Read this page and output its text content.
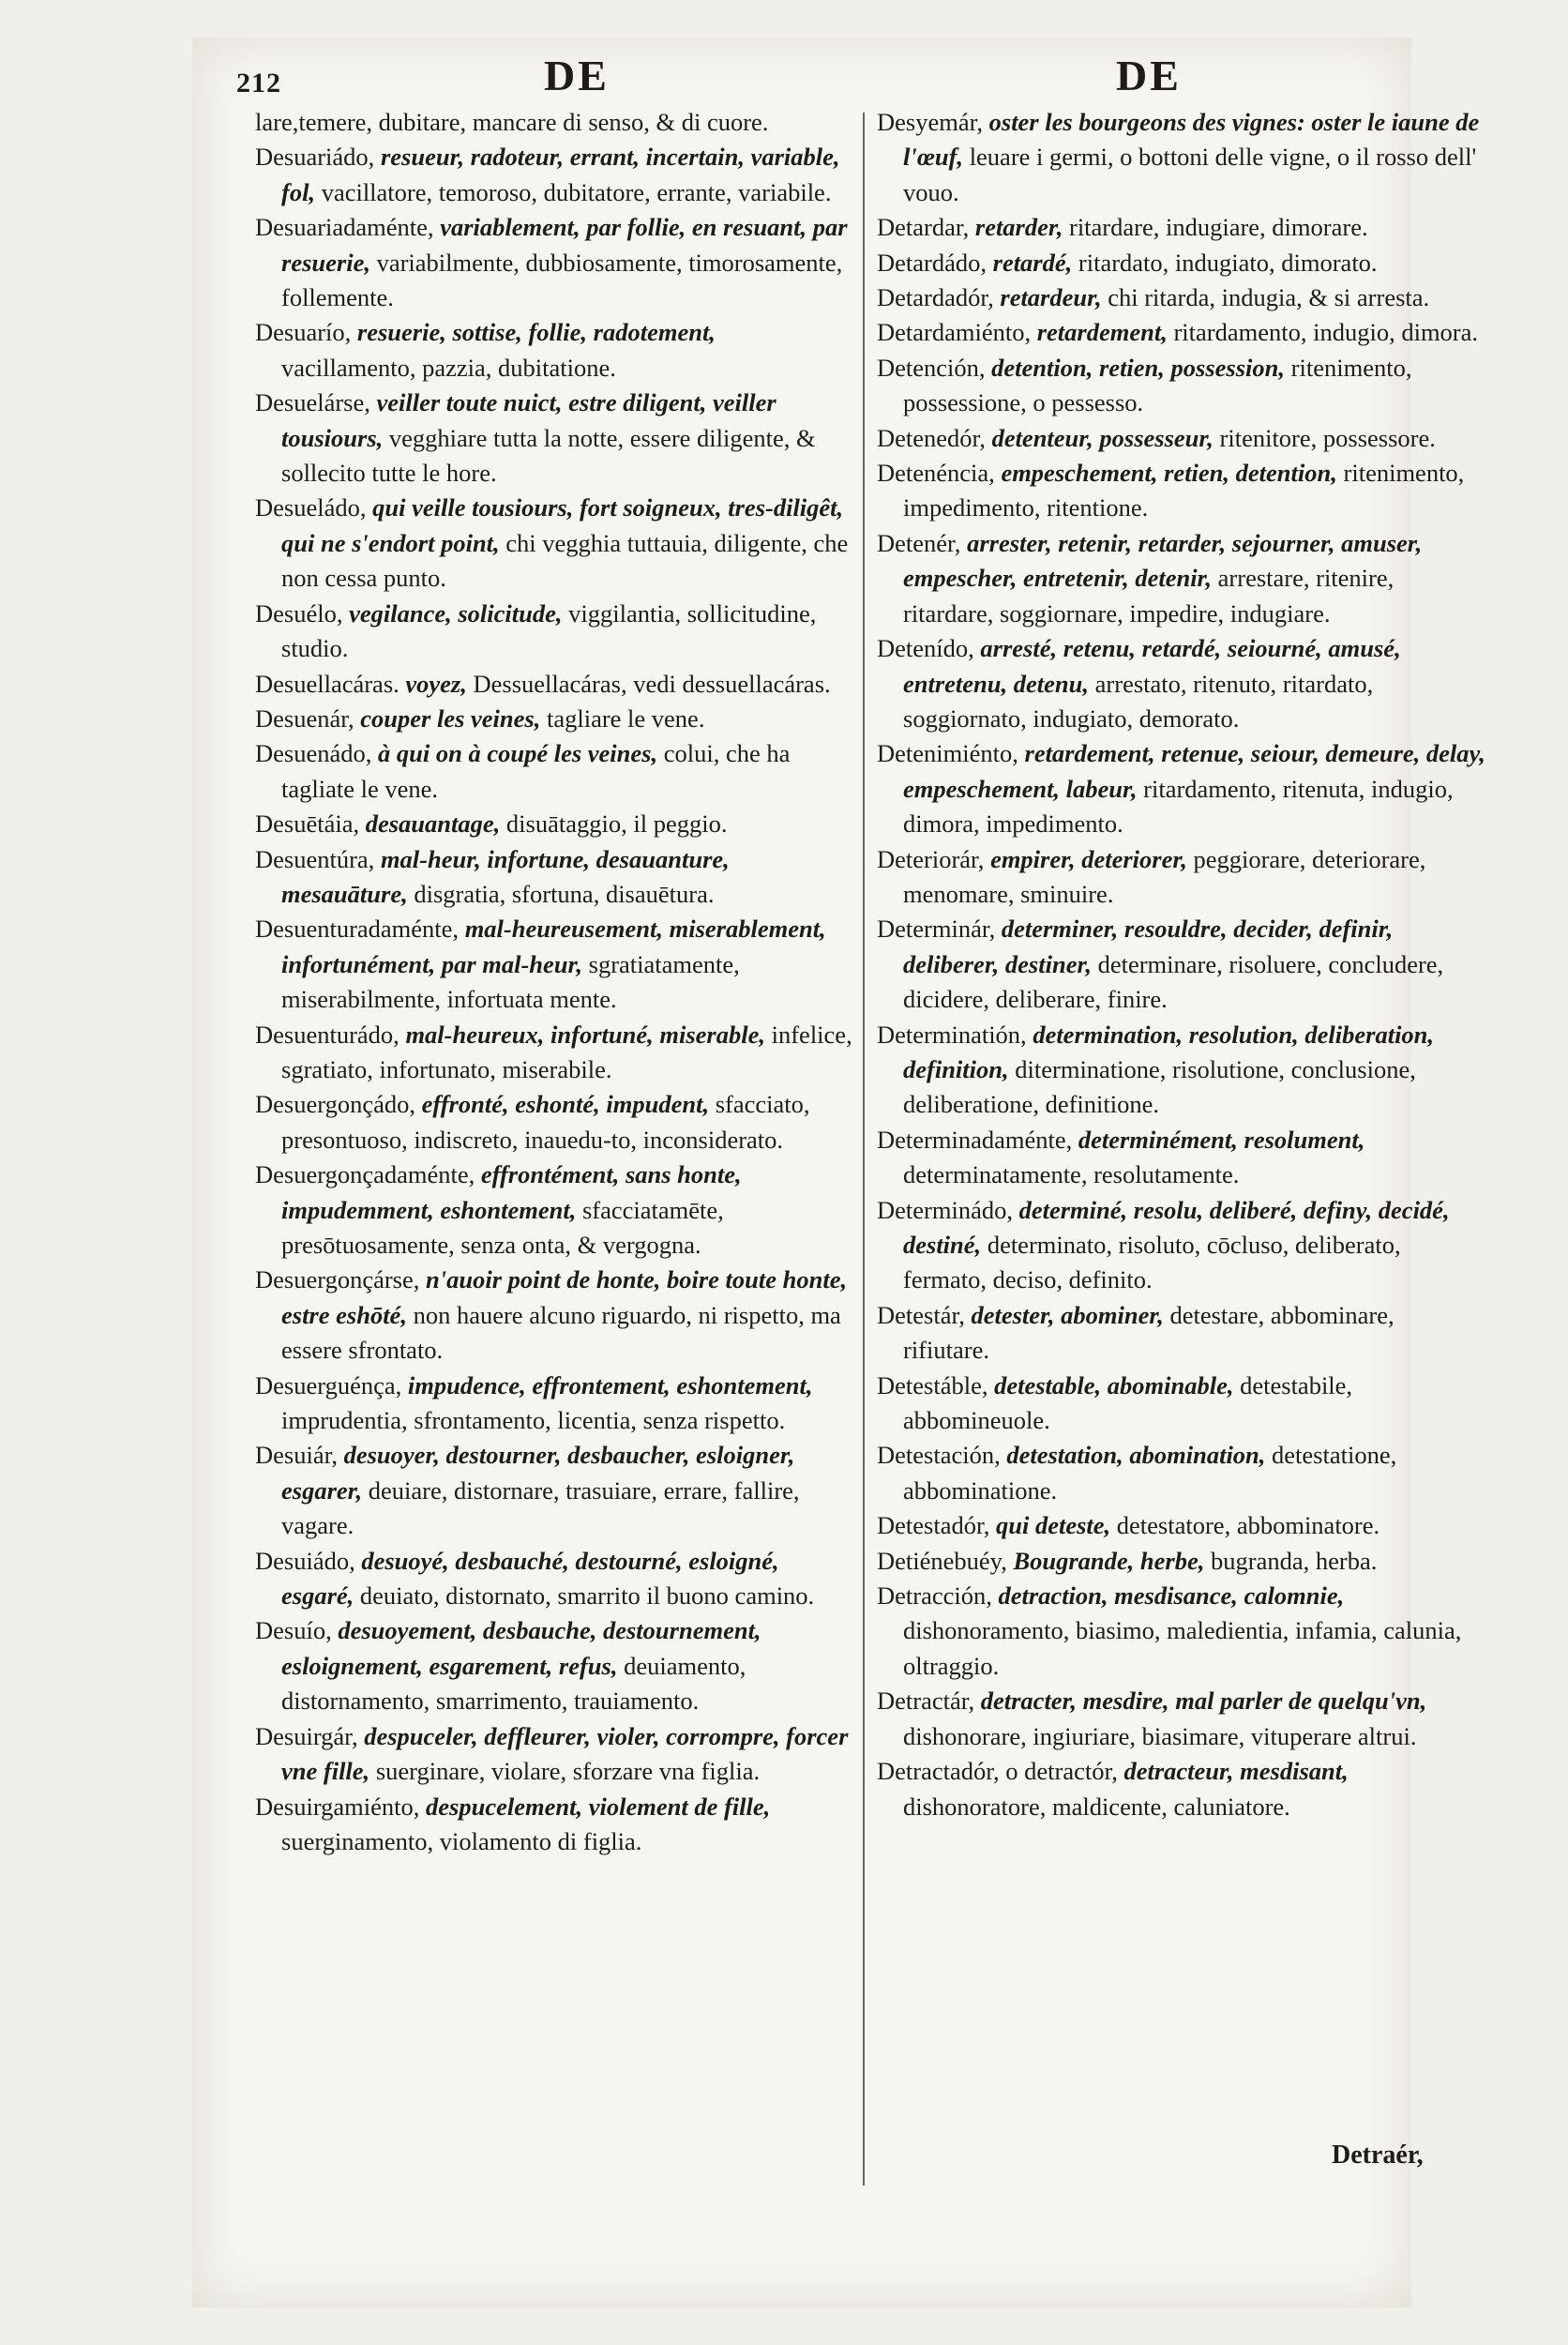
212	DE	DE

lare,temere, dubitare, mancare di senso, & di cuore.

Desuariádo, resueur, radoteur, errant, incertain, variable, fol, vacillatore, temoroso, dubitatore, errante, variabile.

Desuariadaménte, variablement, par follie, en resuant, par resuerie, variabilmente, dubbiosamente, timorosamente, follemente.

Desuarío, resuerie, sottise, follie, radotement, vacillamento, pazzia, dubitatione.

Desuelárse, veiller toute nuict, estre diligent, veiller tousiours, vegghiare tutta la notte, essere diligente, & sollecito tutte le hore.

Desueládo, qui veille tousiours, fort soigneux, tres-diligêt, qui ne s'endort point, chi vegghia tuttauia, diligente, che non cessa punto.

Desuélo, vegilance, solicitude, viggilantia, sollicitudine, studio.

Desuellacáras. voyez, Dessuellacáras, vedi dessuellacáras.

Desuenár, couper les veines, tagliare le vene.

Desuenádo, à qui on à coupé les veines, colui, che ha tagliate le vene.

Desuētáia, desauantage, disuātaggio, il peggio.

Desuentúra, mal-heur, infortune, desauanture, mesauāture, disgratia, sfortuna, disauētura.

Desuenturadaménte, mal-heureusement, miserablement, infortunément, par mal-heur, sgratiatamente, miserabilmente, infortuata mente.

Desuenturádo, mal-heureux, infortuné, miserable, infelice, sgratiato, infortunato, miserabile.

Desuergonçádo, effronté, eshonté, impudent, sfacciato, presontuoso, indiscreto, inauedu-to, inconsiderato.

Desuergonçadaménte, effrontément, sans honte, impudemment, eshontement, sfacciatamēte, presōtuosamente, senza onta, & vergogna.

Desuergonçárse, n'auoir point de honte, boire toute honte, estre eshōté, non hauere alcuno riguardo, ni rispetto, ma essere sfrontato.

Desuerguénça, impudence, effrontement, eshontement, imprudentia, sfrontamento, licentia, senza rispetto.

Desuiár, desuoyer, destourner, desbaucher, esloigner, esgarer, deuiare, distornare, trasuiare, errare, fallire, vagare.

Desuiádo, desuoyé, desbauché, destourné, esloigné, esgaré, deuiato, distornato, smarrito il buono camino.

Desuío, desuoyement, desbauche, destournement, esloignement, esgarement, refus, deuiamento, distornamento, smarrimento, trauiamento.

Desuirgár, despuceler, deffleurer, violer, corrompre, forcer vne fille, suerginare, violare, sforzare vna figlia.

Desuirgamiénto, despucelement, violement de fille, suerginamento, violamento di figlia.

Desyemár, oster les bourgeons des vignes: oster le iaune de l'œuf, leuare i germi, o bottoni delle vigne, o il rosso dell' vouo.

Detardar, retarder, ritardare, indugiare, dimorare.

Detardádo, retardé, ritardato, indugiato, dimorato.

Detardadór, retardeur, chi ritarda, indugia, & si arresta.

Detardamiénto, retardement, ritardamento, indugio, dimora.

Detención, detention, retien, possession, ritenimento, possessione, o pessesso.

Detenedór, detenteur, possesseur, ritenitore, possessore.

Detenéncia, empeschement, retien, detention, ritenimento, impedimento, ritentione.

Detenér, arrester, retenir, retarder, sejourner, amuser, empescher, entretenir, detenir, arrestare, ritenire, ritardare, soggiornare, impedire, indugiare.

Detenído, arresté, retenu, retardé, seiourné, amusé, entretenu, detenu, arrestato, ritenuto, ritardato, soggiornato, indugiato, demorato.

Detenimiénto, retardement, retenue, seiour, demeure, delay, empeschement, labeur, ritardamento, ritenuta, indugio, dimora, impedimento.

Deteriorár, empirer, deteriorer, peggiorare, deteriorare, menomare, sminuire.

Determinár, determiner, resouldre, decider, definir, deliberer, destiner, determinare, risoluere, concludere, dicidere, deliberare, finire.

Determinatión, determination, resolution, deliberation, definition, diterminatione, risolutione, conclusione, deliberatione, definitione.

Determinadaménte, determinément, resolument, determinatamente, resolutamente.

Determinádo, determiné, resolu, deliberé, definy, decidé, destiné, determinato, risoluto, cōcluso, deliberato, fermato, deciso, definito.

Detestár, detester, abominer, detestare, abbominare, rifiutare.

Detestáble, detestable, abominable, detestabile, abbomineuole.

Detestación, detestation, abomination, detestatione, abbominatione.

Detestadór, qui deteste, detestatore, abbominatore.

Detiénebuéy, Bougrande, herbe, bugranda, herba.

Detracción, detraction, mesdisance, calomnie, dishonoramento, biasimo, maledientia, infamia, calunia, oltraggio.

Detractár, detracter, mesdire, mal parler de quelqu'vn, dishonorare, ingiuriare, biasimare, vituperare altrui.

Detractadór, o detractór, detracteur, mesdisant, dishonoratore, maldicente, caluniatore.

Detraér,
